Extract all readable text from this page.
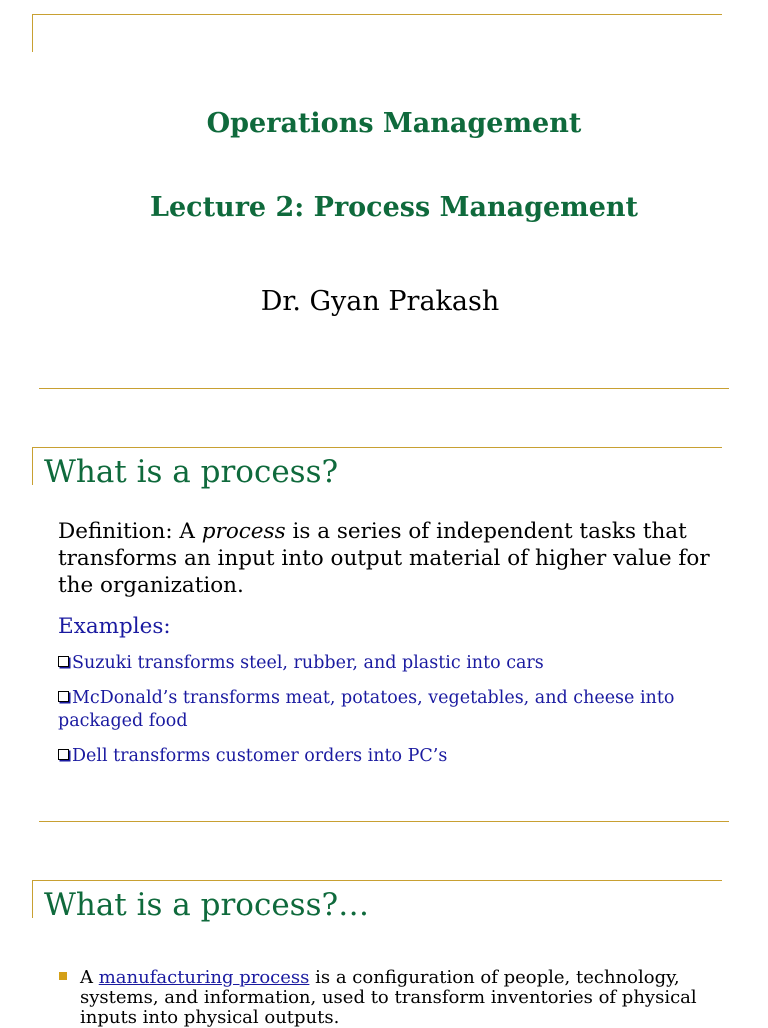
Operations Management

Lecture 2: Process Management

Dr. Gyan Prakash

What is a process?

Definition: A process is a series of independent tasks that transforms an input into output material of higher value for the organization.

Examples:

Suzuki transforms steel, rubber, and plastic into cars

McDonald’s transforms meat, potatoes, vegetables, and cheese into packaged food

Dell transforms customer orders into PC’s

What is a process?…

A manufacturing process is a configuration of people, technology, systems, and information, used to transform inventories of physical inputs into physical outputs.
